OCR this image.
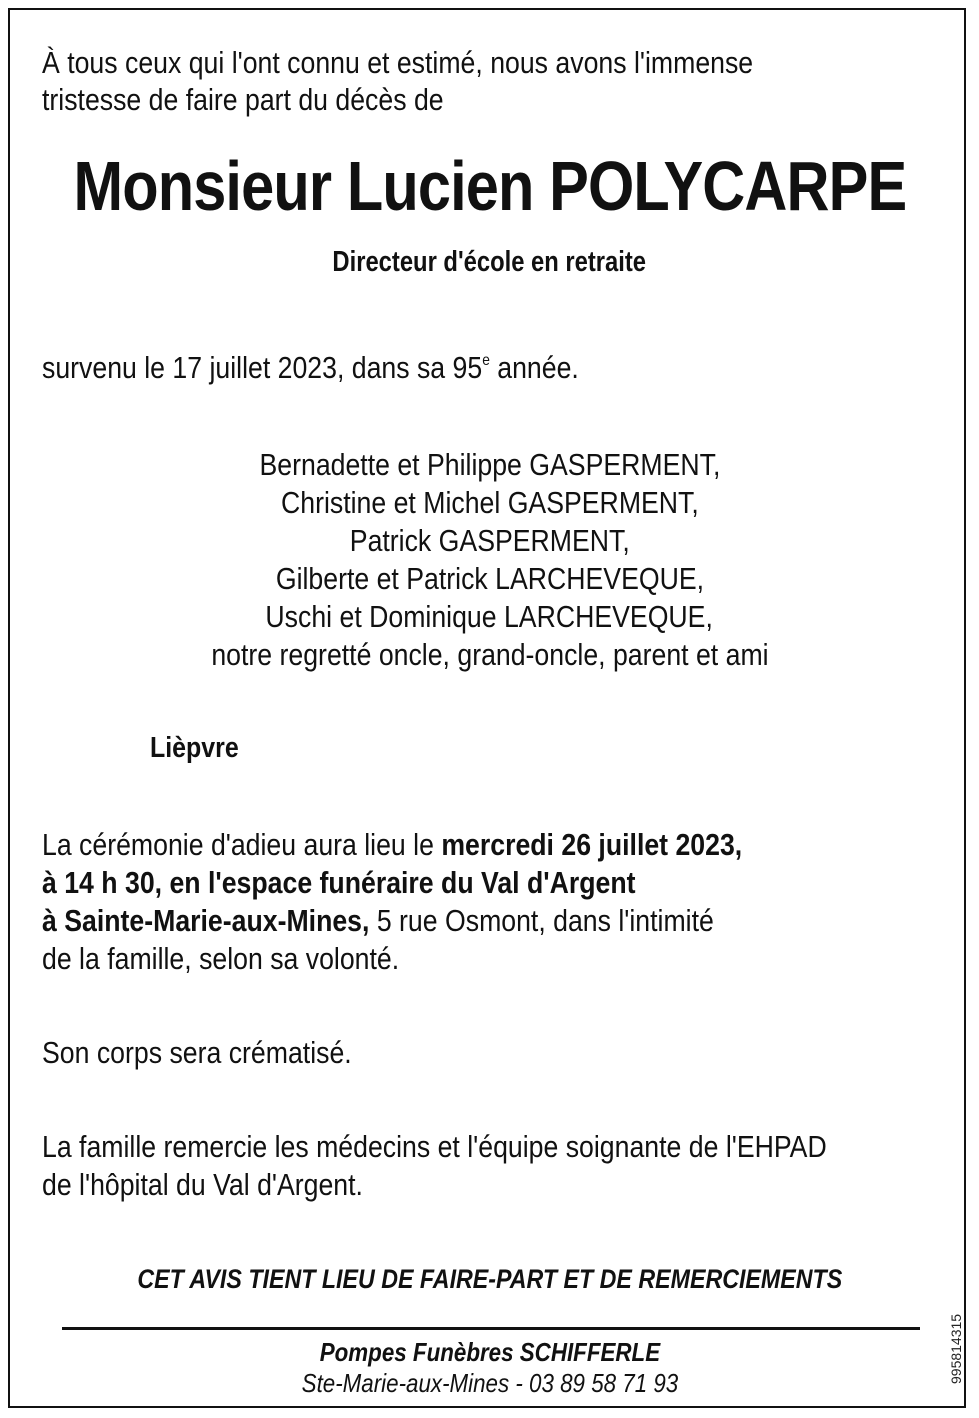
À tous ceux qui l'ont connu et estimé, nous avons l'immense
tristesse de faire part du décès de
Monsieur Lucien POLYCARPE
Directeur d'école en retraite
survenu le 17 juillet 2023, dans sa 95e année.
Bernadette et Philippe GASPERMENT,
Christine et Michel GASPERMENT,
Patrick GASPERMENT,
Gilberte et Patrick LARCHEVEQUE,
Uschi et Dominique LARCHEVEQUE,
notre regretté oncle, grand-oncle, parent et ami
Lièpvre
La cérémonie d'adieu aura lieu le mercredi 26 juillet 2023,
à 14 h 30, en l'espace funéraire du Val d'Argent
à Sainte-Marie-aux-Mines, 5 rue Osmont, dans l'intimité
de la famille, selon sa volonté.
Son corps sera crématisé.
La famille remercie les médecins et l'équipe soignante de l'EHPAD
de l'hôpital du Val d'Argent.
CET AVIS TIENT LIEU DE FAIRE-PART ET DE REMERCIEMENTS
Pompes Funèbres SCHIFFERLE
Ste-Marie-aux-Mines - 03 89 58 71 93	995814315
